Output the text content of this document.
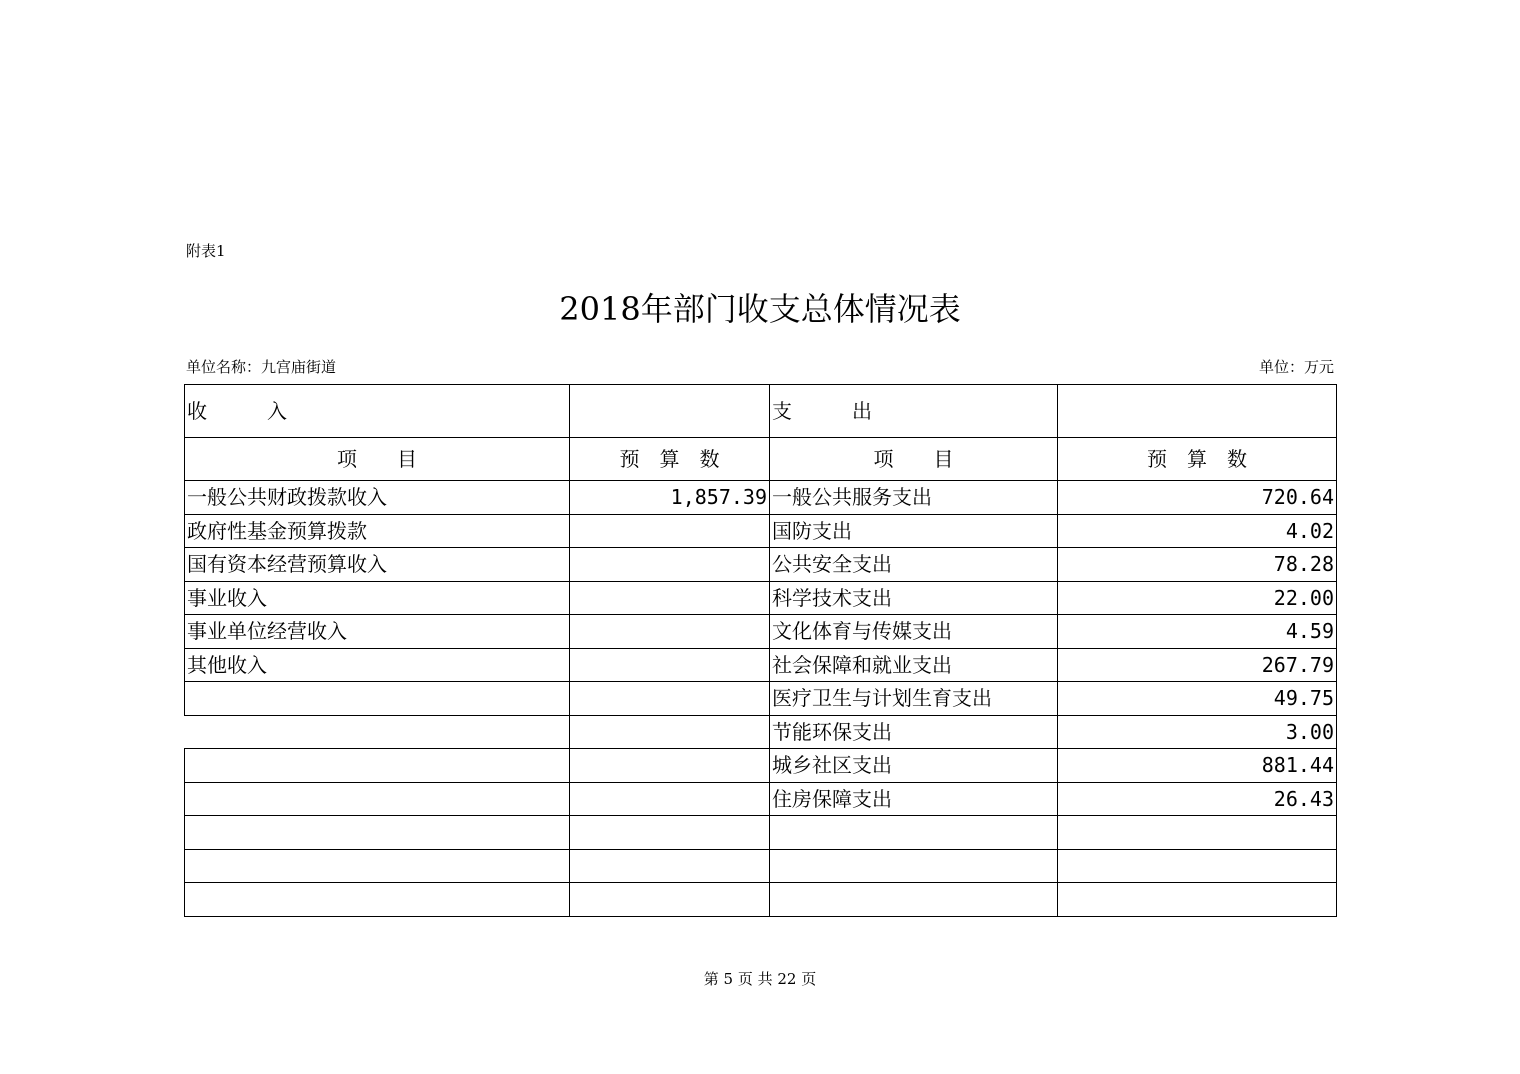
附表1
2018年部门收支总体情况表
单位名称：九宫庙街道	单位：万元
收　　　入		支　　　出	
项　　目	预　算　数	项　　目	预　算　数
一般公共财政拨款收入	1,857.39	一般公共服务支出	720.64
政府性基金预算拨款		国防支出	4.02
国有资本经营预算收入		公共安全支出	78.28
事业收入		科学技术支出	22.00
事业单位经营收入		文化体育与传媒支出	4.59
其他收入		社会保障和就业支出	267.79
		医疗卫生与计划生育支出	49.75
		节能环保支出	3.00
		城乡社区支出	881.44
		住房保障支出	26.43

第 5 页 共 22 页
